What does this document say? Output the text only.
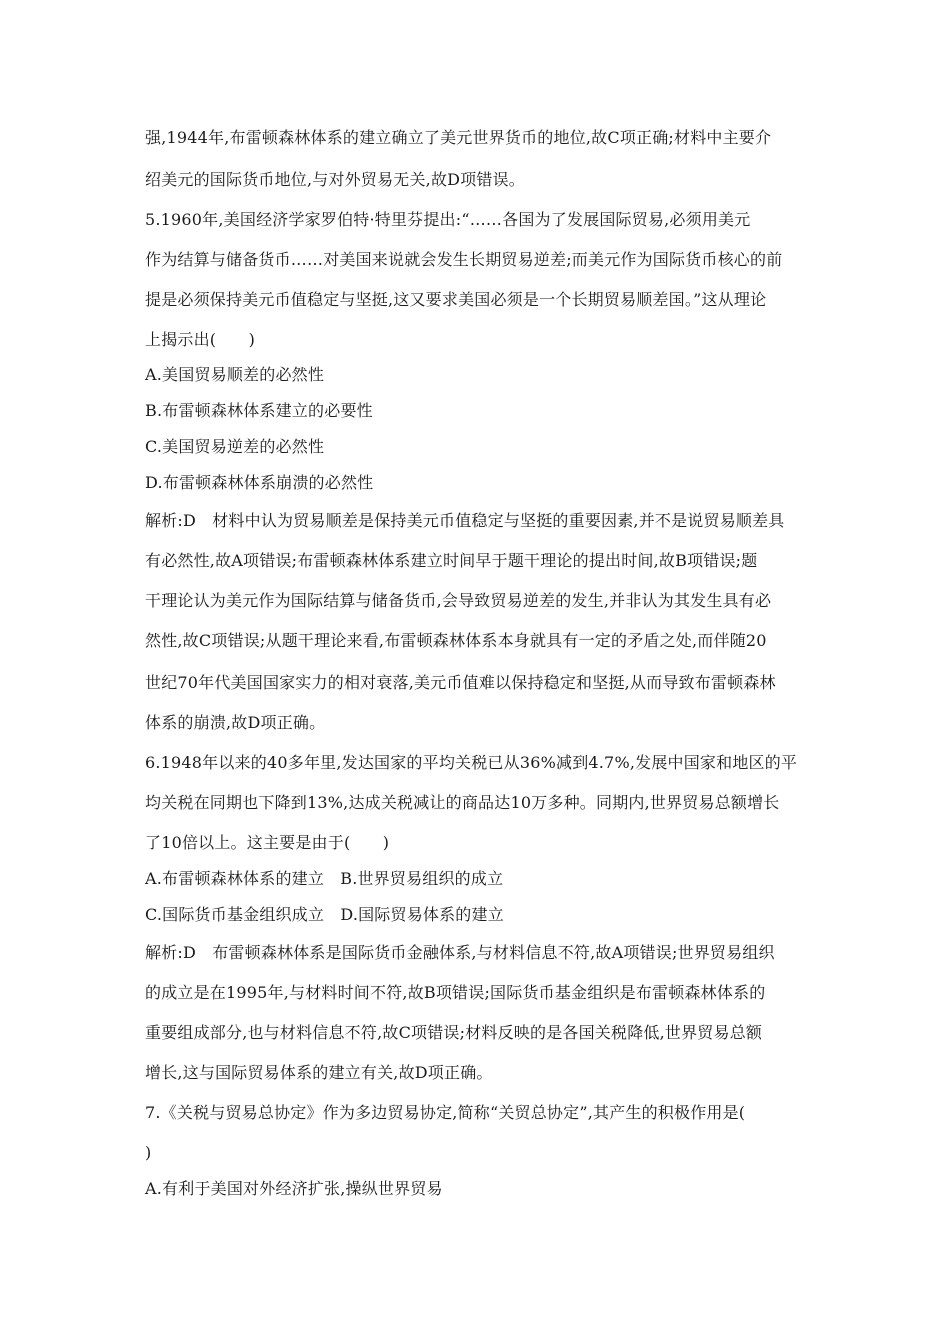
强,1944年,布雷顿森林体系的建立确立了美元世界货币的地位,故C项正确;材料中主要介
绍美元的国际货币地位,与对外贸易无关,故D项错误。
5.1960年,美国经济学家罗伯特·特里芬提出:“……各国为了发展国际贸易,必须用美元
作为结算与储备货币……对美国来说就会发生长期贸易逆差;而美元作为国际货币核心的前
提是必须保持美元币值稳定与坚挺,这又要求美国必须是一个长期贸易顺差国。”这从理论
上揭示出(　　)
A.美国贸易顺差的必然性
B.布雷顿森林体系建立的必要性
C.美国贸易逆差的必然性
D.布雷顿森林体系崩溃的必然性
解析:D　材料中认为贸易顺差是保持美元币值稳定与坚挺的重要因素,并不是说贸易顺差具
有必然性,故A项错误;布雷顿森林体系建立时间早于题干理论的提出时间,故B项错误;题
干理论认为美元作为国际结算与储备货币,会导致贸易逆差的发生,并非认为其发生具有必
然性,故C项错误;从题干理论来看,布雷顿森林体系本身就具有一定的矛盾之处,而伴随20
世纪70年代美国国家实力的相对衰落,美元币值难以保持稳定和坚挺,从而导致布雷顿森林
体系的崩溃,故D项正确。
6.1948年以来的40多年里,发达国家的平均关税已从36%减到4.7%,发展中国家和地区的平
均关税在同期也下降到13%,达成关税减让的商品达10万多种。同期内,世界贸易总额增长
了10倍以上。这主要是由于(　　)
A.布雷顿森林体系的建立　B.世界贸易组织的成立
C.国际货币基金组织成立　D.国际贸易体系的建立
解析:D　布雷顿森林体系是国际货币金融体系,与材料信息不符,故A项错误;世界贸易组织
的成立是在1995年,与材料时间不符,故B项错误;国际货币基金组织是布雷顿森林体系的
重要组成部分,也与材料信息不符,故C项错误;材料反映的是各国关税降低,世界贸易总额
增长,这与国际贸易体系的建立有关,故D项正确。
7.《关税与贸易总协定》作为多边贸易协定,简称“关贸总协定”,其产生的积极作用是(
)
A.有利于美国对外经济扩张,操纵世界贸易
